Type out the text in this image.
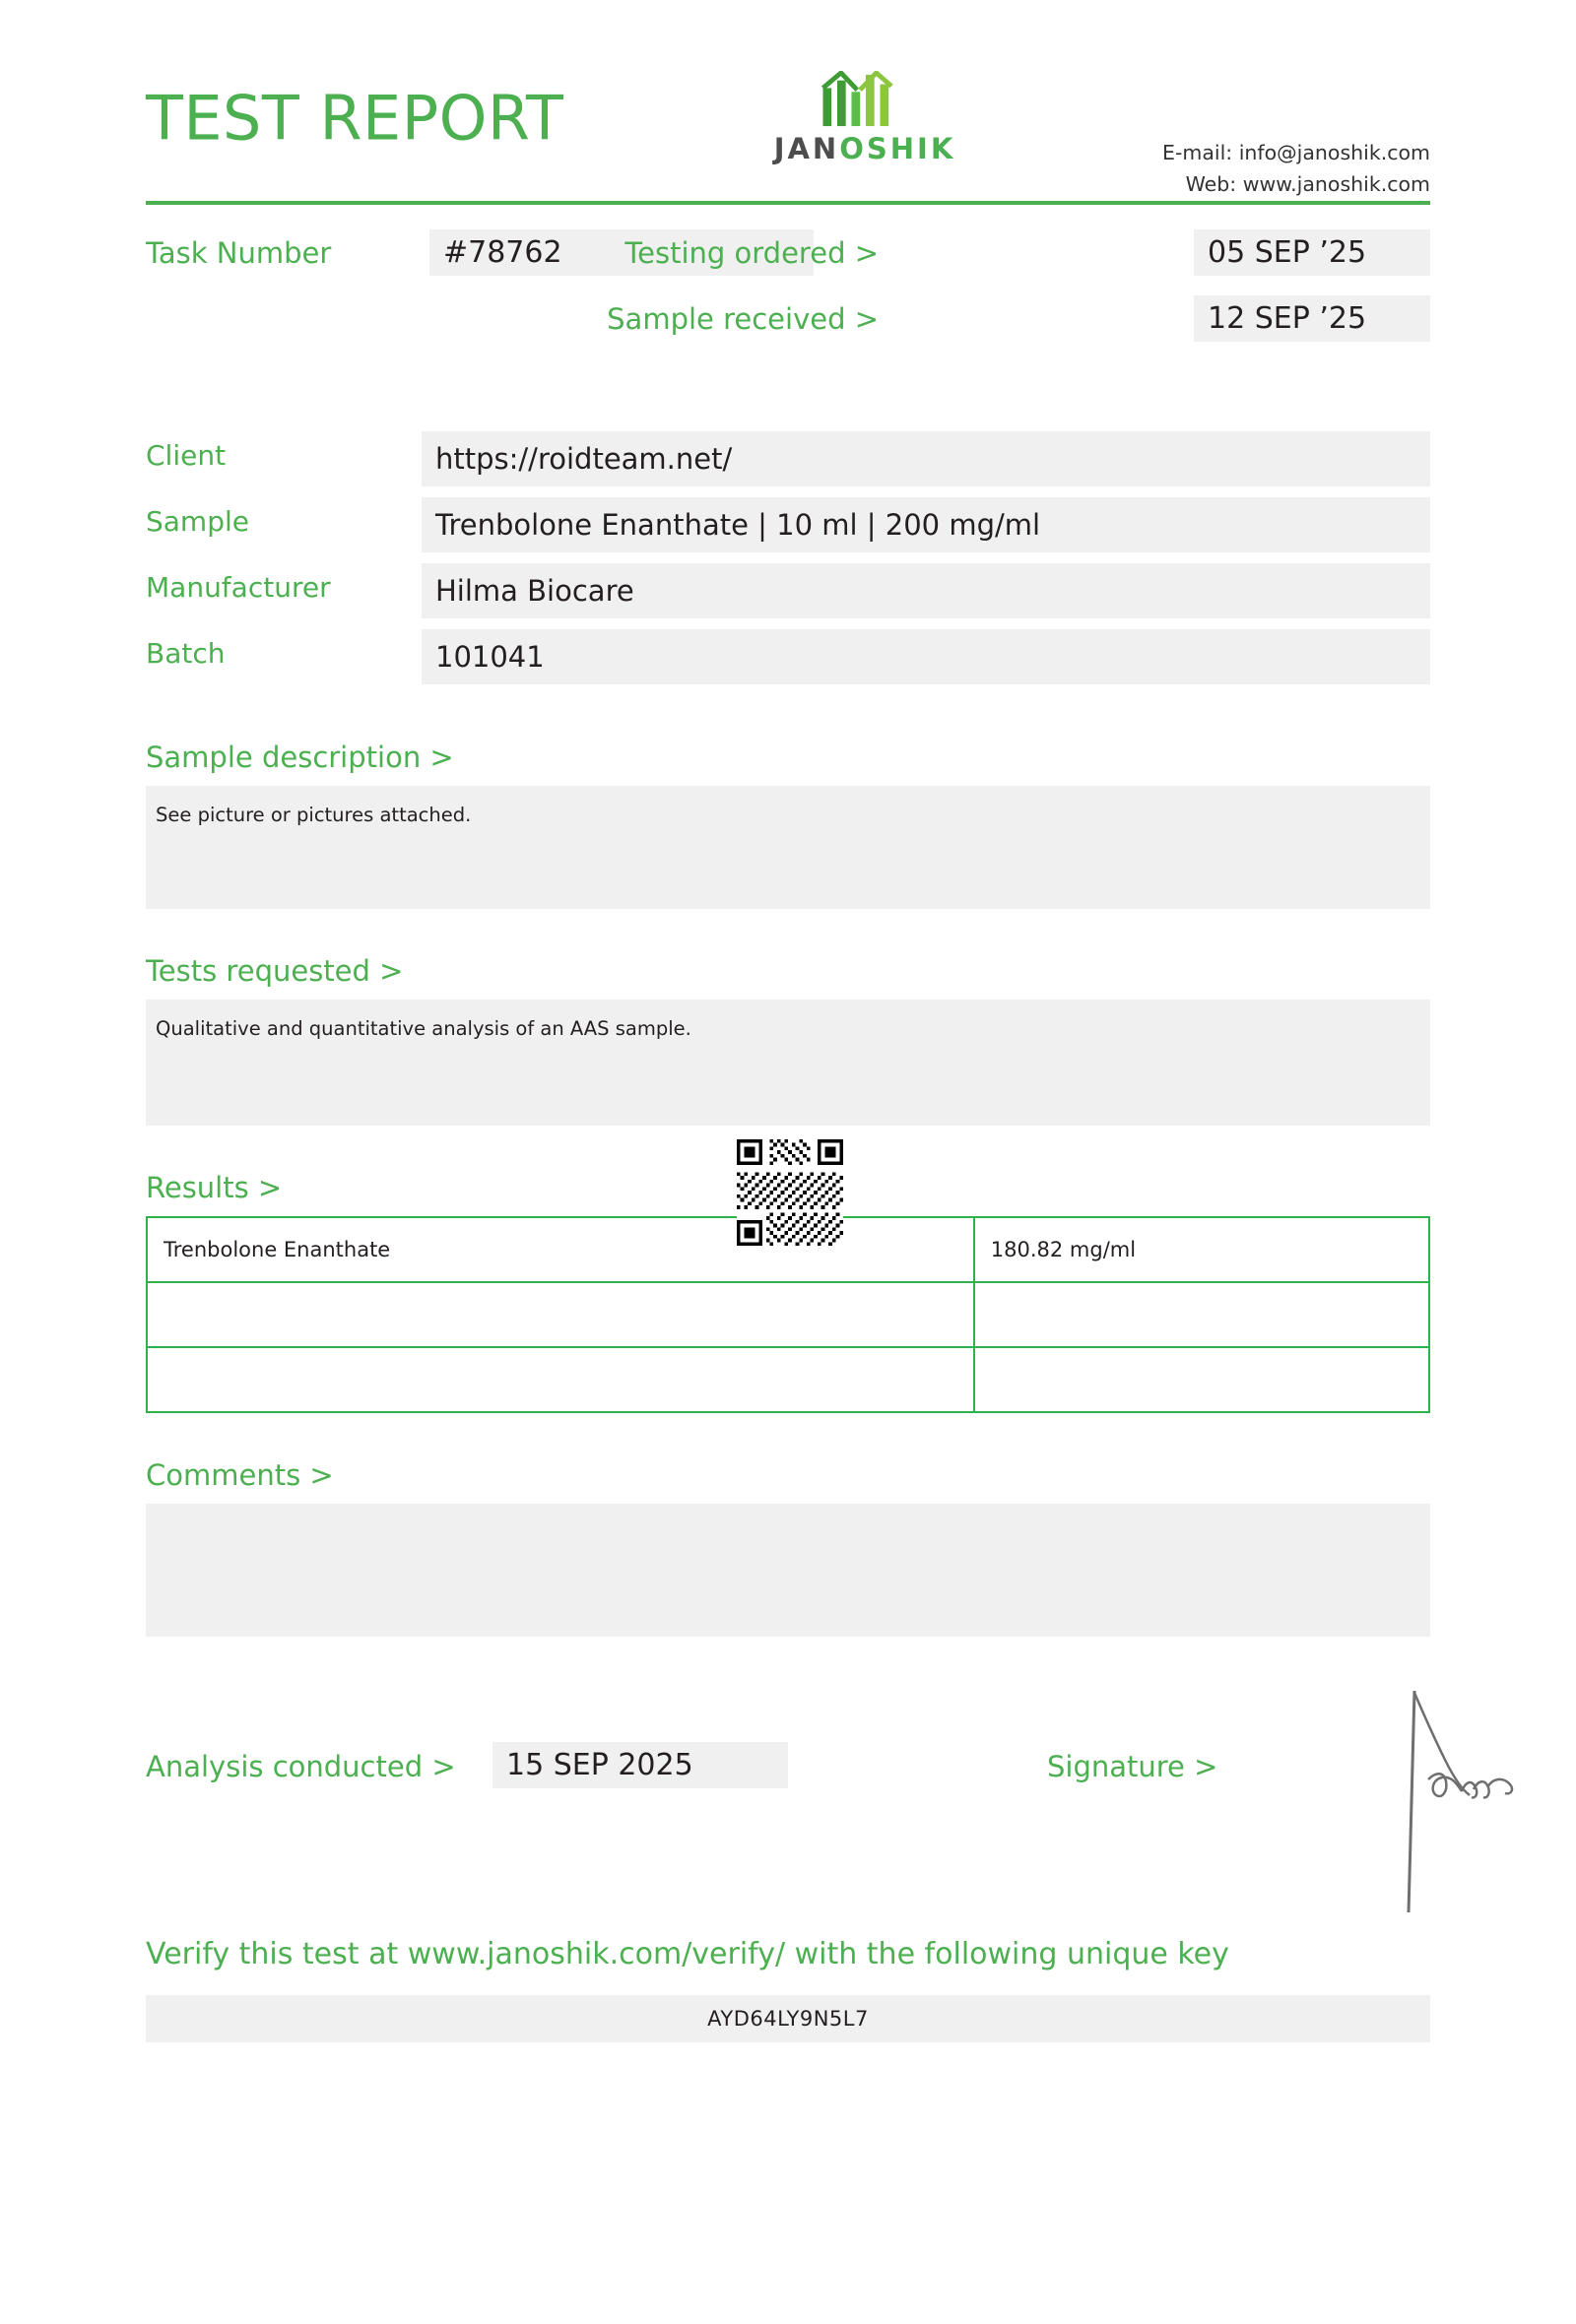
TEST REPORT	JANOSHIK	E-mail: info@janoshik.com
Web: www.janoshik.com
Task Number	#78762	Testing ordered >	05 SEP ’25
Sample received >	12 SEP ’25
Client	https://roidteam.net/
Sample	Trenbolone Enanthate | 10 ml | 200 mg/ml
Manufacturer	Hilma Biocare
Batch	101041
Sample description >
See picture or pictures attached.
Tests requested >
Qualitative and quantitative analysis of an AAS sample.
Results >
Trenbolone Enanthate	180.82 mg/ml

Comments >
Analysis conducted >	15 SEP 2025	Signature >
Verify this test at www.janoshik.com/verify/ with the following unique key
AYD64LY9N5L7
